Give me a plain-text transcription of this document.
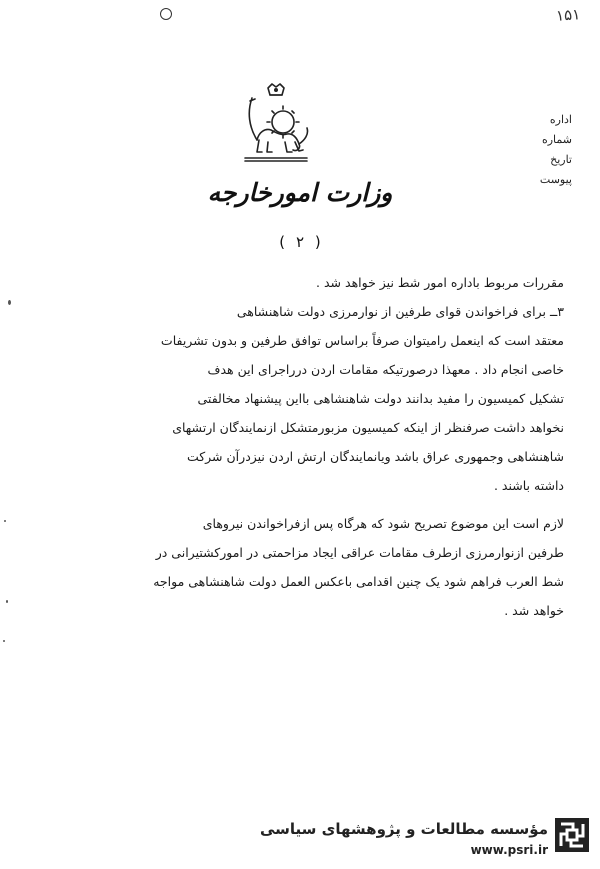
۱۵۱
اداره
شماره
تاریخ
پیوست
وزارت امورخارجه
( ۲ )
مقررات مربوط باداره امور شط نیز خواهد شد .
۳ــ برای فراخواندن قوای طرفین از نوارمرزی دولت شاهنشاهی
معتقد است که اینعمل رامیتوان صرفاً براساس توافق طرفین و بدون تشریفات
خاصی انجام داد . معهذا درصورتیکه مقامات اردن درراجرای این هدف
تشکیل کمیسیون را مفید بدانند دولت شاهنشاهی بااین پیشنهاد مخالفتی
نخواهد داشت صرفنظر از اینکه کمیسیون مزبورمتشکل ازنمایندگان ارتشهای
شاهنشاهی وجمهوری عراق باشد ویانمایندگان ارتش اردن نیزدرآن شرکت
داشته باشند .
لازم است این موضوع تصریح شود که هرگاه پس ازفراخواندن نیروهای
طرفین ازنوارمرزی ازطرف مقامات عراقی ایجاد مزاحمتی در امورکشتیرانی در
شط العرب فراهم شود یک چنین اقدامی باعکس العمل دولت شاهنشاهی مواجه
خواهد شد .
مؤسسه مطالعات و پژوهشهای سیاسی
www.psri.ir
